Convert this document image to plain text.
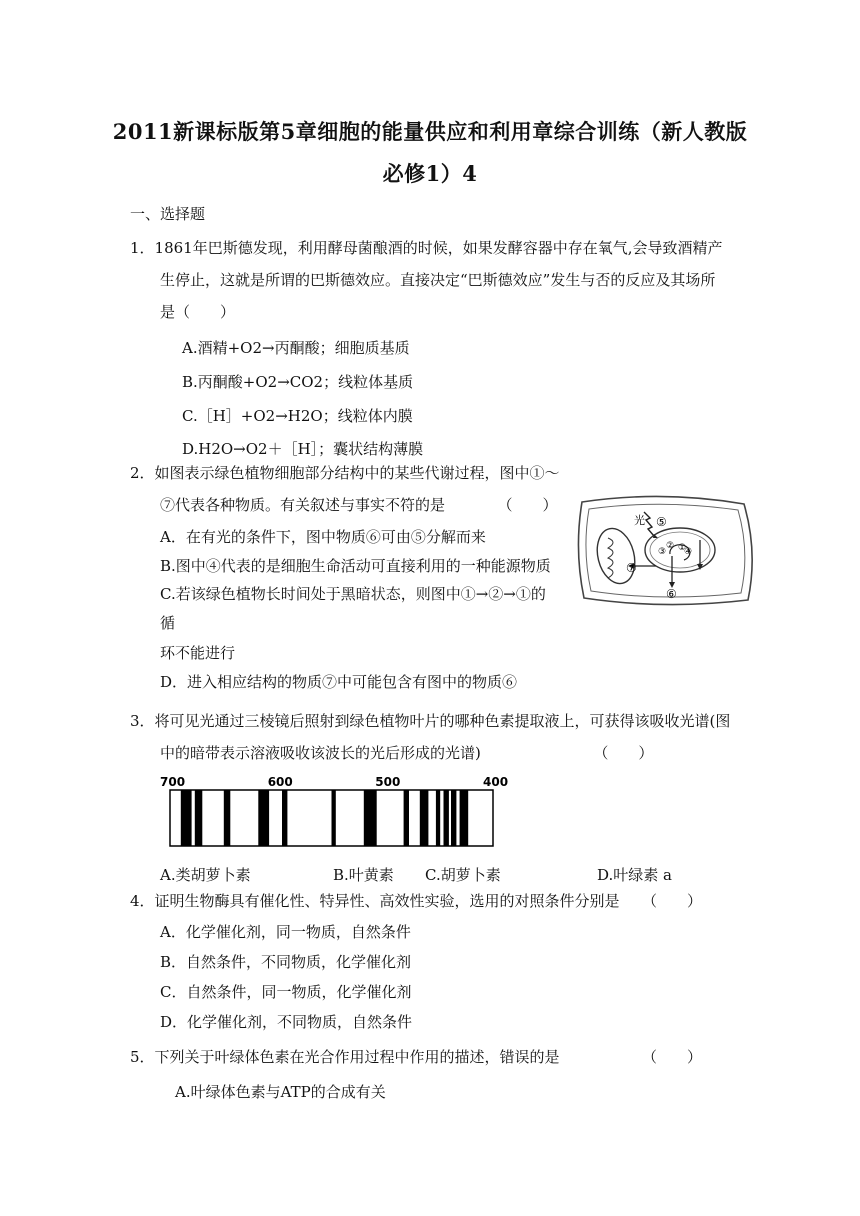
2011新课标版第5章细胞的能量供应和利用章综合训练（新人教版
必修1）4
一、选择题
1．1861年巴斯德发现，利用酵母菌酿酒的时候，如果发酵容器中存在氧气,会导致酒精产
生停止，这就是所谓的巴斯德效应。直接决定“巴斯德效应”发生与否的反应及其场所
是（　　）
A.酒精+O2→丙酮酸；细胞质基质
B.丙酮酸+O2→CO2；线粒体基质
C.［H］+O2→H2O；线粒体内膜
D.H2O→O2＋［H］；囊状结构薄膜
2．如图表示绿色植物细胞部分结构中的某些代谢过程，图中①～
⑦代表各种物质。有关叙述与事实不符的是　　　　（　　）
A．在有光的条件下，图中物质⑥可由⑤分解而来
B.图中④代表的是细胞生命活动可直接利用的一种能源物质
C.若该绿色植物长时间处于黑暗状态，则图中①→②→①的
循
环不能进行
D．进入相应结构的物质⑦中可能包含有图中的物质⑥
光 ⑤
①
②
③ ④
⑥
⑦
3．将可见光通过三棱镜后照射到绿色植物叶片的哪种色素提取液上，可获得该吸收光谱(图
中的暗带表示溶液吸收该波长的光后形成的光谱)　　　　　　　　（　　）
700	600	500	400
A.类胡萝卜素	B.叶黄素 C.胡萝卜素	D.叶绿素 a
4．证明生物酶具有催化性、特异性、高效性实验，选用的对照条件分别是　　（　　）
A．化学催化剂，同一物质，自然条件
B．自然条件，不同物质，化学催化剂
C．自然条件，同一物质，化学催化剂
D．化学催化剂，不同物质，自然条件
5．下列关于叶绿体色素在光合作用过程中作用的描述，错误的是　　　　　　（　　）
A.叶绿体色素与ATP的合成有关
